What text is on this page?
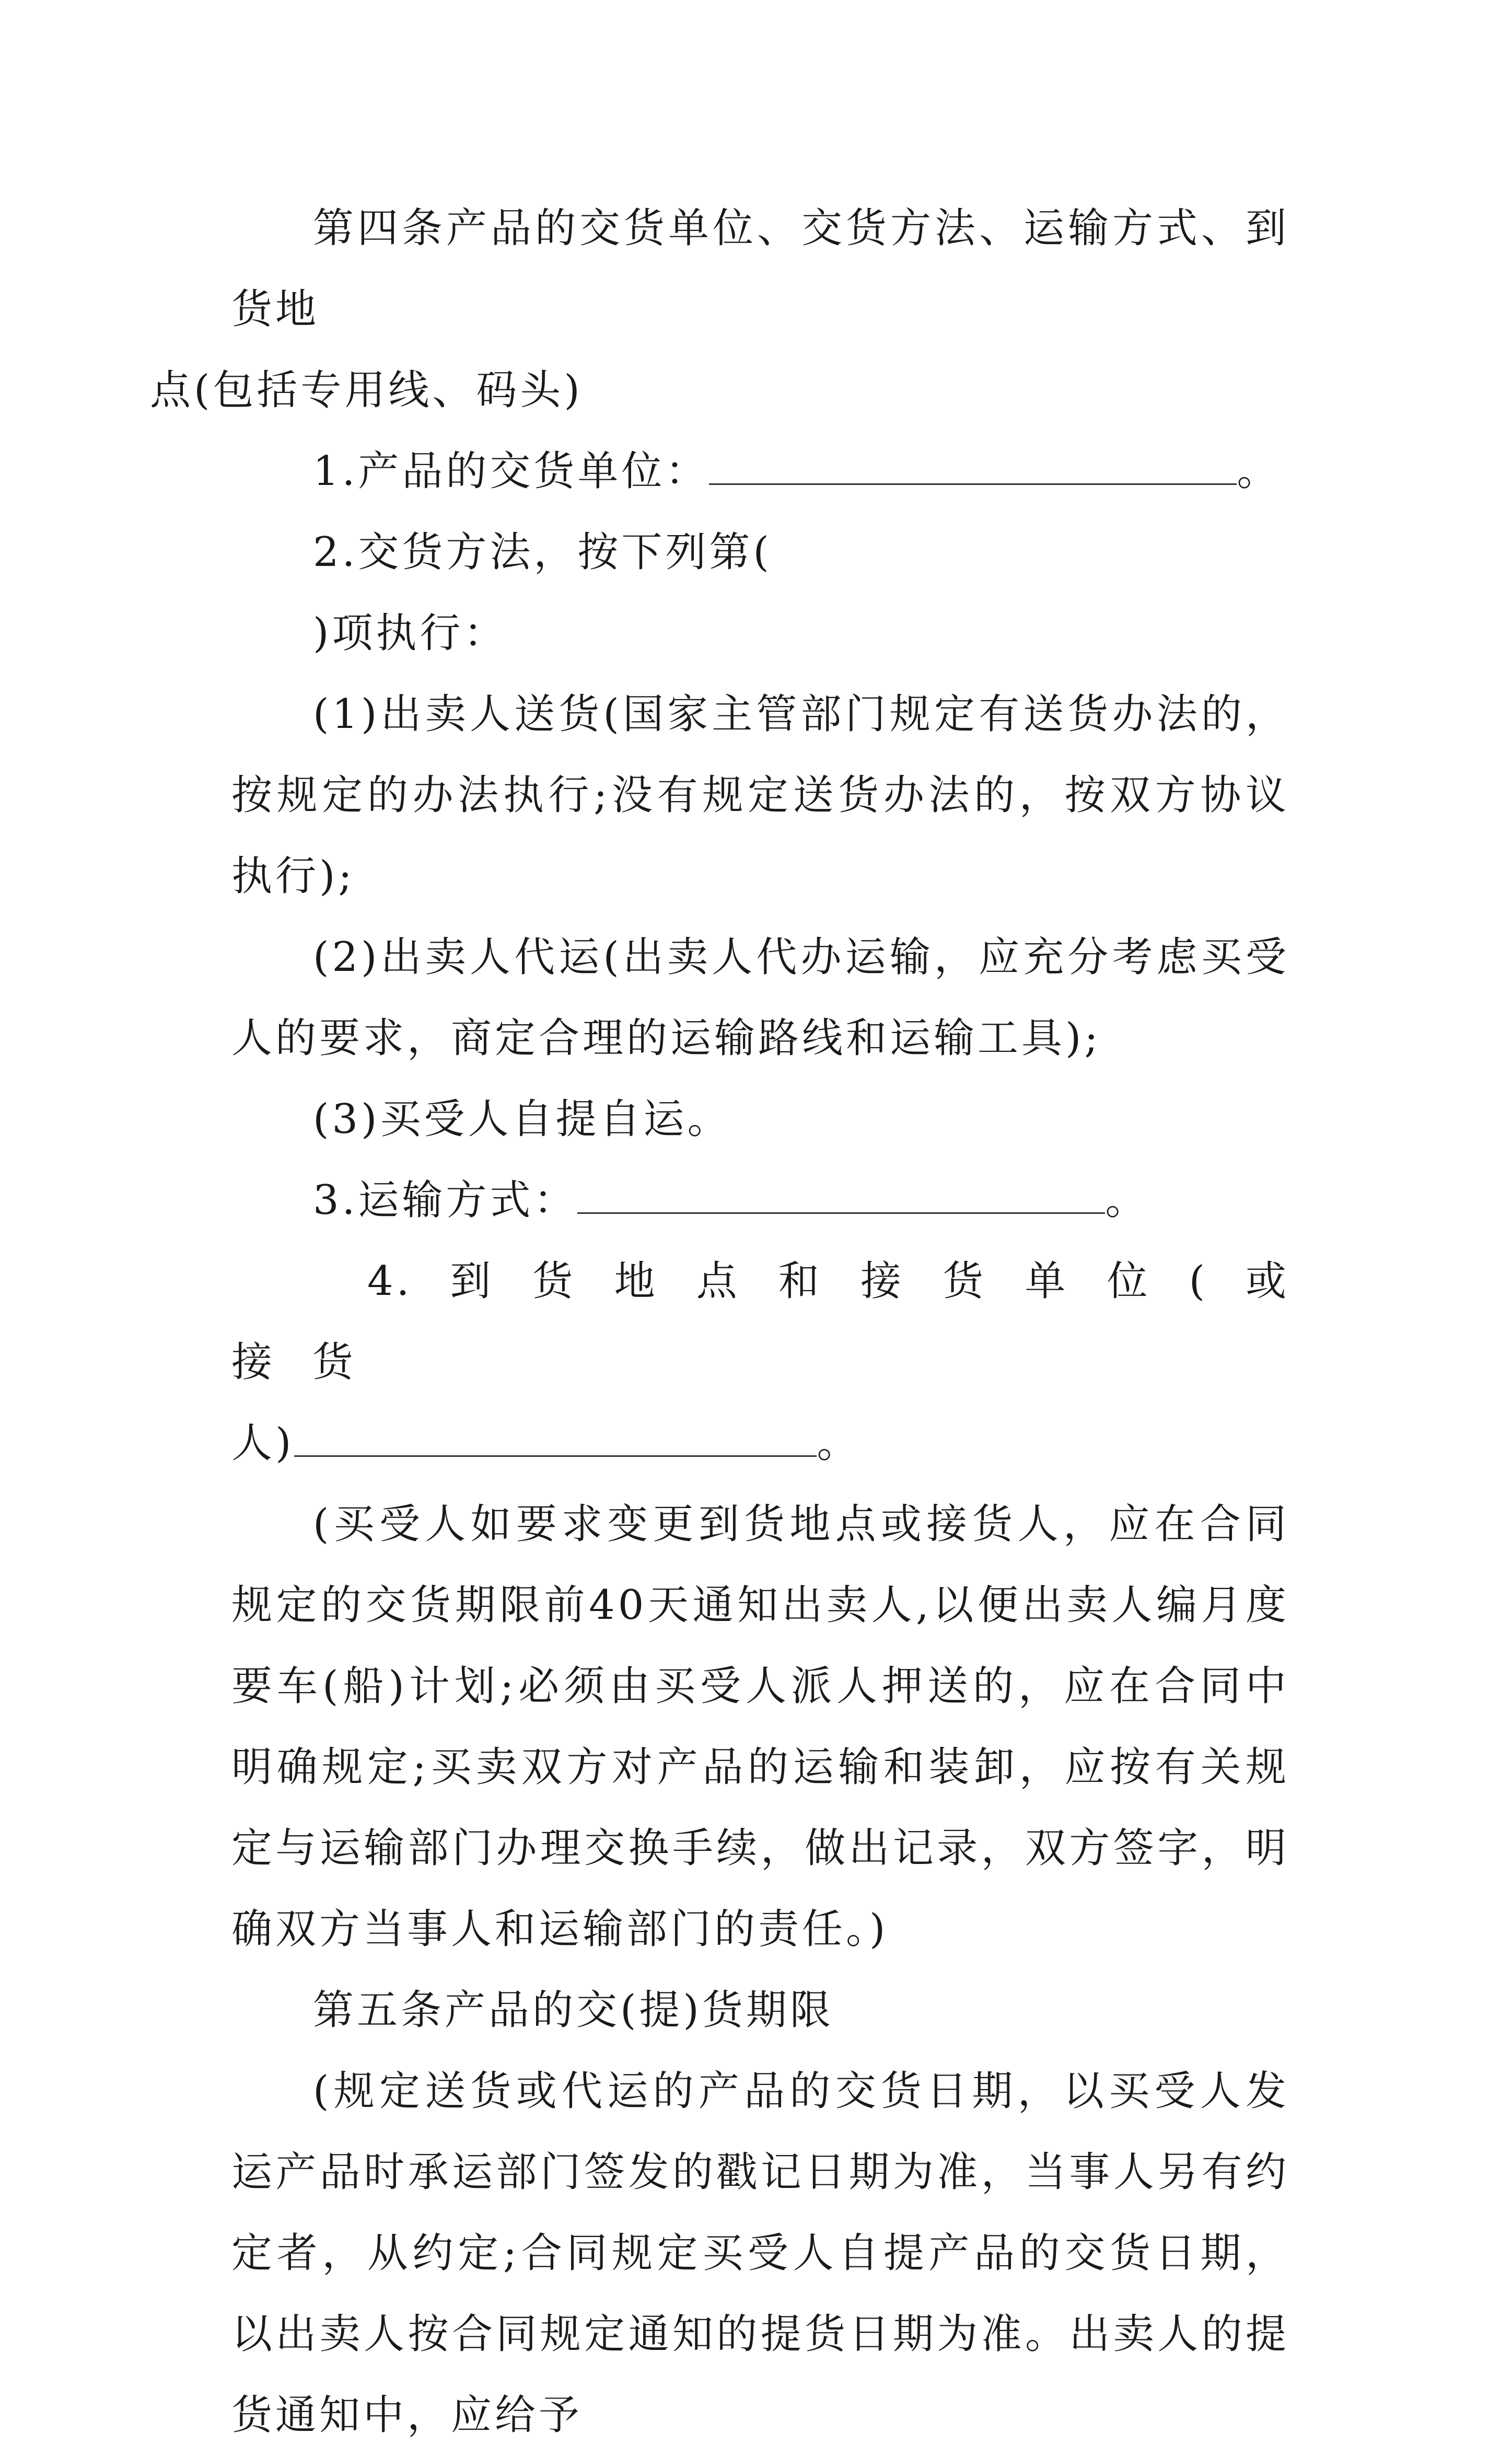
第四条产品的交货单位、交货方法、运输方式、到货地
点(包括专用线、码头)

1.产品的交货单位：	。

2.交货方法，按下列第(

)项执行：

(1)出卖人送货(国家主管部门规定有送货办法的，按规定的办法执行;没有规定送货办法的，按双方协议执行);

(2)出卖人代运(出卖人代办运输，应充分考虑买受人的要求，商定合理的运输路线和运输工具);

(3)买受人自提自运。

3.运输方式：	。

4. 到 货 地 点 和 接 货 单 位 ( 或 接 货

人)	。

(买受人如要求变更到货地点或接货人，应在合同规定的交货期限前40天通知出卖人,以便出卖人编月度要车(船)计划;必须由买受人派人押送的，应在合同中明确规定;买卖双方对产品的运输和装卸，应按有关规定与运输部门办理交换手续，做出记录，双方签字，明确双方当事人和运输部门的责任。)

第五条产品的交(提)货期限

(规定送货或代运的产品的交货日期，以买受人发运产品时承运部门签发的戳记日期为准，当事人另有约定者，从约定;合同规定买受人自提产品的交货日期，以出卖人按合同规定通知的提货日期为准。出卖人的提货通知中，应给予
